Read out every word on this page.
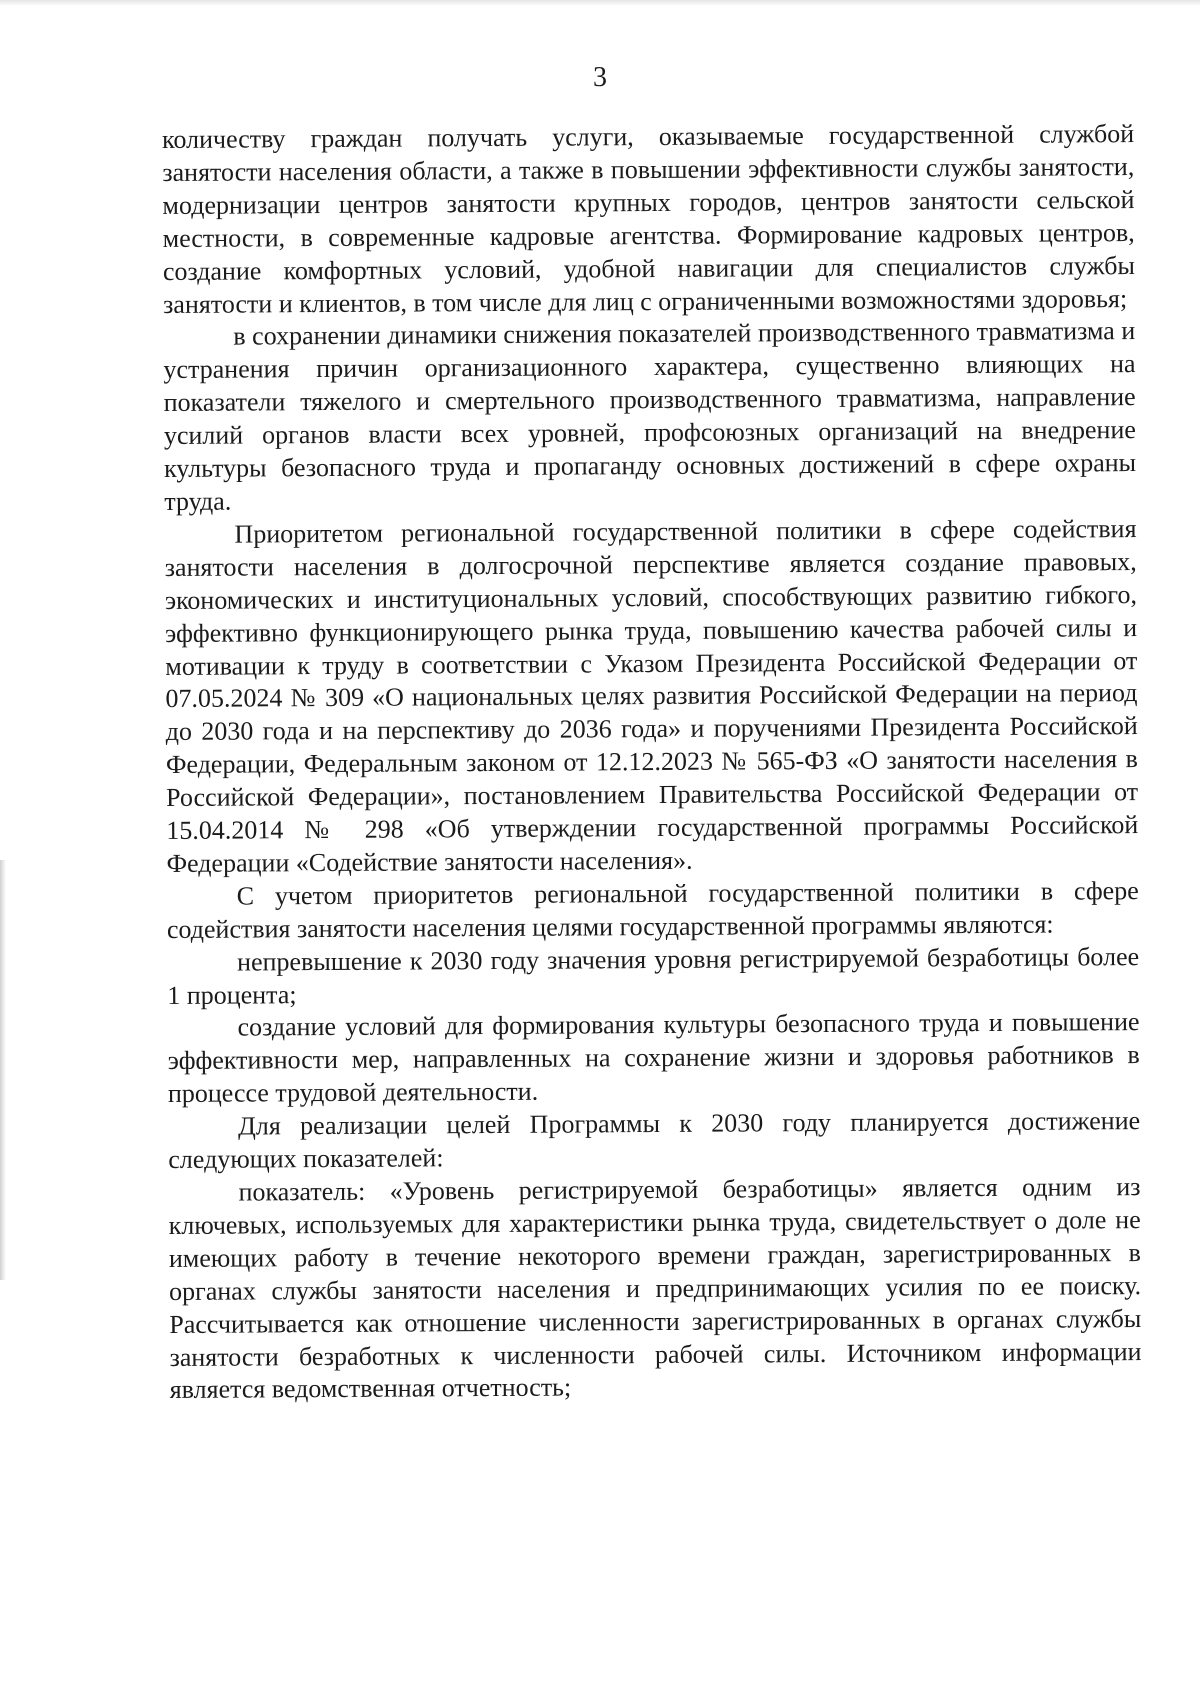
3

количеству граждан получать услуги, оказываемые государственной службой занятости населения области, а также в повышении эффективности службы занятости, модернизации центров занятости крупных городов, центров занятости сельской местности, в современные кадровые агентства. Формирование кадровых центров, создание комфортных условий, удобной навигации для специалистов службы занятости и клиентов, в том числе для лиц с ограниченными возможностями здоровья;

в сохранении динамики снижения показателей производственного травматизма и устранения причин организационного характера, существенно влияющих на показатели тяжелого и смертельного производственного травматизма, направление усилий органов власти всех уровней, профсоюзных организаций на внедрение культуры безопасного труда и пропаганду основных достижений в сфере охраны труда.

Приоритетом региональной государственной политики в сфере содействия занятости населения в долгосрочной перспективе является создание правовых, экономических и институциональных условий, способствующих развитию гибкого, эффективно функционирующего рынка труда, повышению качества рабочей силы и мотивации к труду в соответствии с Указом Президента Российской Федерации от 07.05.2024 № 309 «О национальных целях развития Российской Федерации на период до 2030 года и на перспективу до 2036 года» и поручениями Президента Российской Федерации, Федеральным законом от 12.12.2023 № 565-ФЗ «О занятости населения в Российской Федерации», постановлением Правительства Российской Федерации от 15.04.2014 № 298 «Об утверждении государственной программы Российской Федерации «Содействие занятости населения».

С учетом приоритетов региональной государственной политики в сфере содействия занятости населения целями государственной программы являются:

непревышение к 2030 году значения уровня регистрируемой безработицы более 1 процента;

создание условий для формирования культуры безопасного труда и повышение эффективности мер, направленных на сохранение жизни и здоровья работников в процессе трудовой деятельности.

Для реализации целей Программы к 2030 году планируется достижение следующих показателей:

показатель: «Уровень регистрируемой безработицы» является одним из ключевых, используемых для характеристики рынка труда, свидетельствует о доле не имеющих работу в течение некоторого времени граждан, зарегистрированных в органах службы занятости населения и предпринимающих усилия по ее поиску. Рассчитывается как отношение численности зарегистрированных в органах службы занятости безработных к численности рабочей силы. Источником информации является ведомственная отчетность;
